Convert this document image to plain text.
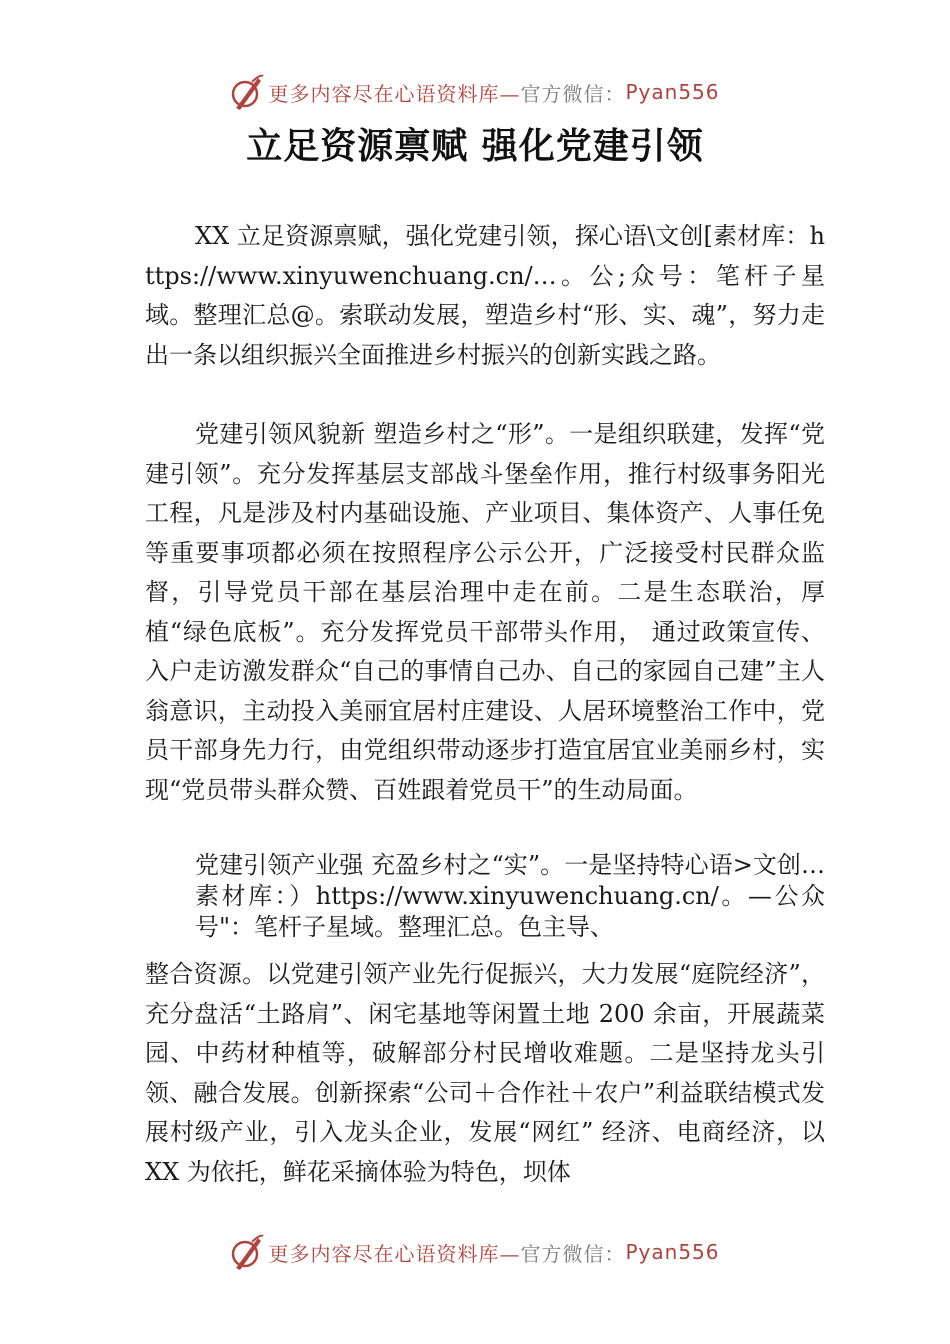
更多内容尽在心语资料库— 官方微信： Pyan556
立足资源禀赋 强化党建引领

XX 立足资源禀赋，强化党建引领，探心语\文创[素材库：https://www.xinyuwenchuang.cn/…。公;众号：笔杆子星域。整理汇总@。索联动发展，塑造乡村“形、实、魂”，努力走出一条以组织振兴全面推进乡村振兴的创新实践之路。

党建引领风貌新 塑造乡村之“形”。一是组织联建，发挥“党建引领”。充分发挥基层支部战斗堡垒作用，推行村级事务阳光工程，凡是涉及村内基础设施、产业项目、集体资产、人事任免等重要事项都必须在按照程序公示公开，广泛接受村民群众监督，引导党员干部在基层治理中走在前。二是生态联治，厚植“绿色底板”。充分发挥党员干部带头作用， 通过政策宣传、入户走访激发群众“自己的事情自己办、自己的家园自己建”主人翁意识，主动投入美丽宜居村庄建设、人居环境整治工作中，党员干部身先力行，由党组织带动逐步打造宜居宜业美丽乡村，实现“党员带头群众赞、百姓跟着党员干”的生动局面。

党建引领产业强 充盈乡村之“实”。一是坚持特心语>文创…素材库：）https://www.xinyuwenchuang.cn/。—公众号"：笔杆子星域。整理汇总。色主导、

整合资源。以党建引领产业先行促振兴，大力发展“庭院经济”，充分盘活“土路肩”、闲宅基地等闲置土地 200 余亩，开展蔬菜园、中药材种植等，破解部分村民增收难题。二是坚持龙头引领、融合发展。创新探索“公司＋合作社＋农户”利益联结模式发展村级产业，引入龙头企业，发展“网红” 经济、电商经济，以 XX 为依托，鲜花采摘体验为特色，坝体

更多内容尽在心语资料库— 官方微信： Pyan556
